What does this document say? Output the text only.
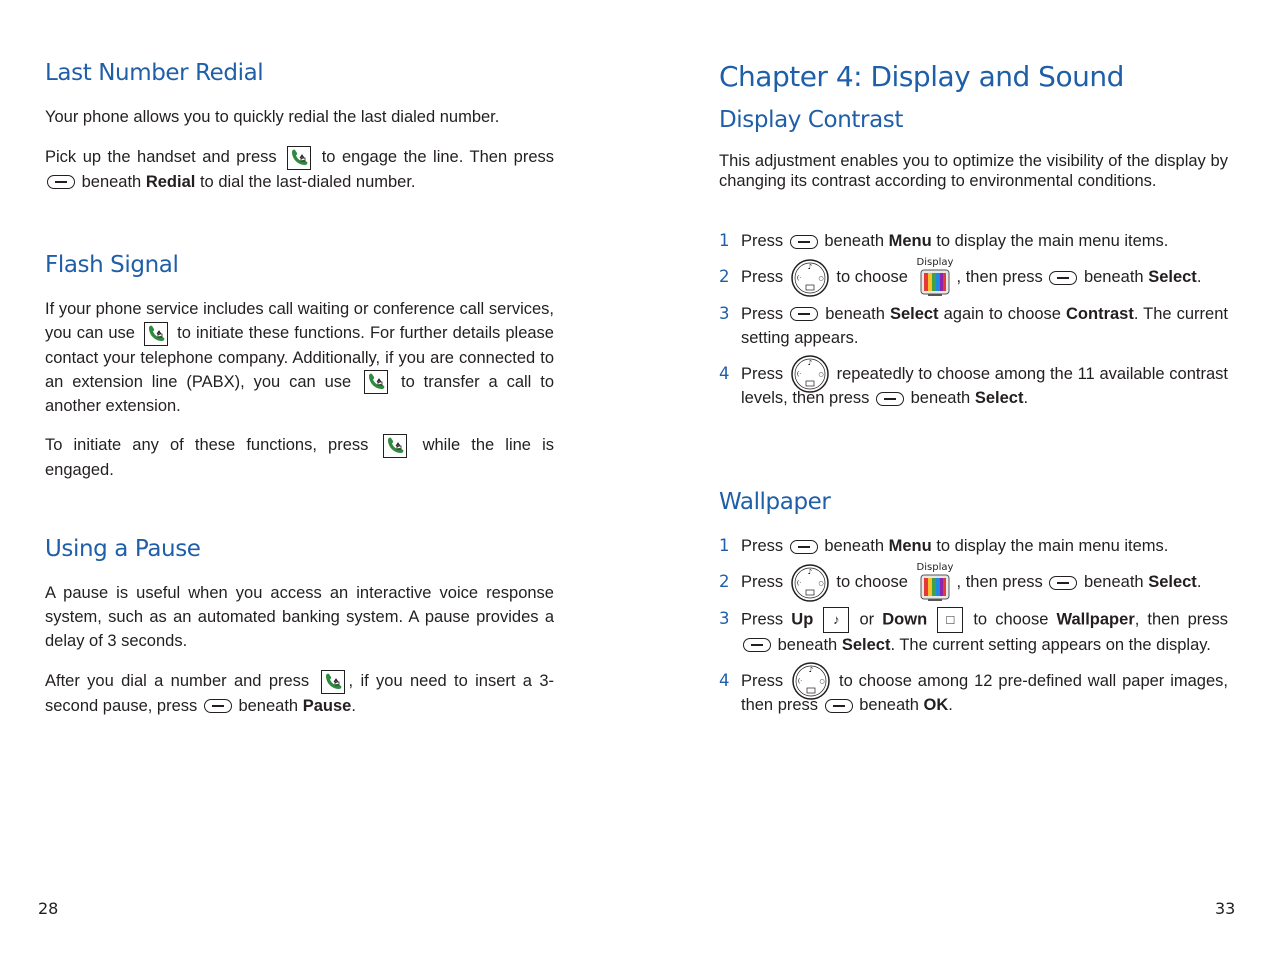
Last Number Redial

Your phone allows you to quickly redial the last dialed number.

Pick up the handset and press	to engage the line. Then press  beneath Redial to dial the last-dialed number.

Flash Signal

If your phone service includes call waiting or conference call services, you can use	to initiate these functions. For further details please contact your telephone company. Additionally, if you are connected to an extension line (PABX), you can use	to transfer a call to another extension.

To initiate any of these functions, press	while the line is engaged.

Using a Pause

A pause is useful when you access an interactive voice response system, such as an automated banking system. A pause provides a delay of 3 seconds.

After you dial a number and press , if you need to insert a 3-second pause, press beneath Pause.

28
Chapter 4: Display and Sound
Display Contrast

This adjustment enables you to optimize the visibility of the display by changing its contrast according to environmental conditions.

1 Press beneath Menu to display the main menu items.
2 Press
♪
(·	○ to choose
Display
, then press beneath Select.
3 Press	beneath Select again to choose Contrast. The current setting appears.
4 Press
♪
(·	○ repeatedly to choose among the 11 available contrast levels, then press beneath Select.
Wallpaper
1 Press beneath Menu to display the main menu items.
2 Press
♪
(·	○ to choose
Display
, then press beneath Select.
3 Press Up ♪ or Down □ to choose Wallpaper, then press  beneath Select. The current setting appears on the display.
4 Press
♪
(·	○ to choose among 12 pre-defined wall paper images, then press beneath OK.
33
